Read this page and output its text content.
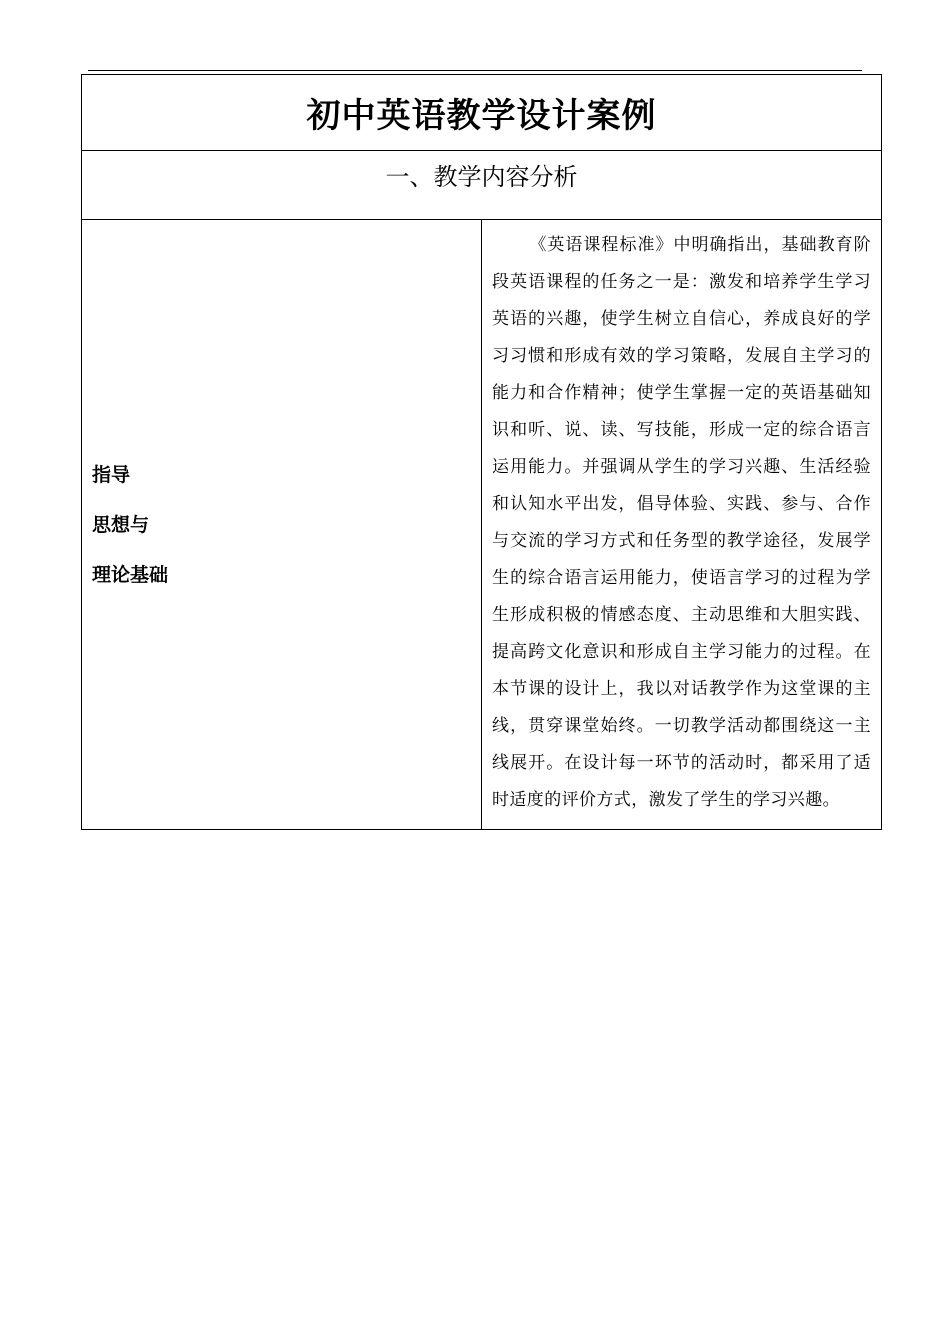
初中英语教学设计案例
一、教学内容分析

指导
思想与
理论基础

《英语课程标准》中明确指出，基础教育阶段英语课程的任务之一是：激发和培养学生学习英语的兴趣，使学生树立自信心，养成良好的学习习惯和形成有效的学习策略，发展自主学习的能力和合作精神；使学生掌握一定的英语基础知识和听、说、读、写技能，形成一定的综合语言运用能力。并强调从学生的学习兴趣、生活经验和认知水平出发，倡导体验、实践、参与、合作与交流的学习方式和任务型的教学途径，发展学生的综合语言运用能力，使语言学习的过程为学生形成积极的情感态度、主动思维和大胆实践、提高跨文化意识和形成自主学习能力的过程。在本节课的设计上，我以对话教学作为这堂课的主线，贯穿课堂始终。一切教学活动都围绕这一主线展开。在设计每一环节的活动时，都采用了适时适度的评价方式，激发了学生的学习兴趣。
